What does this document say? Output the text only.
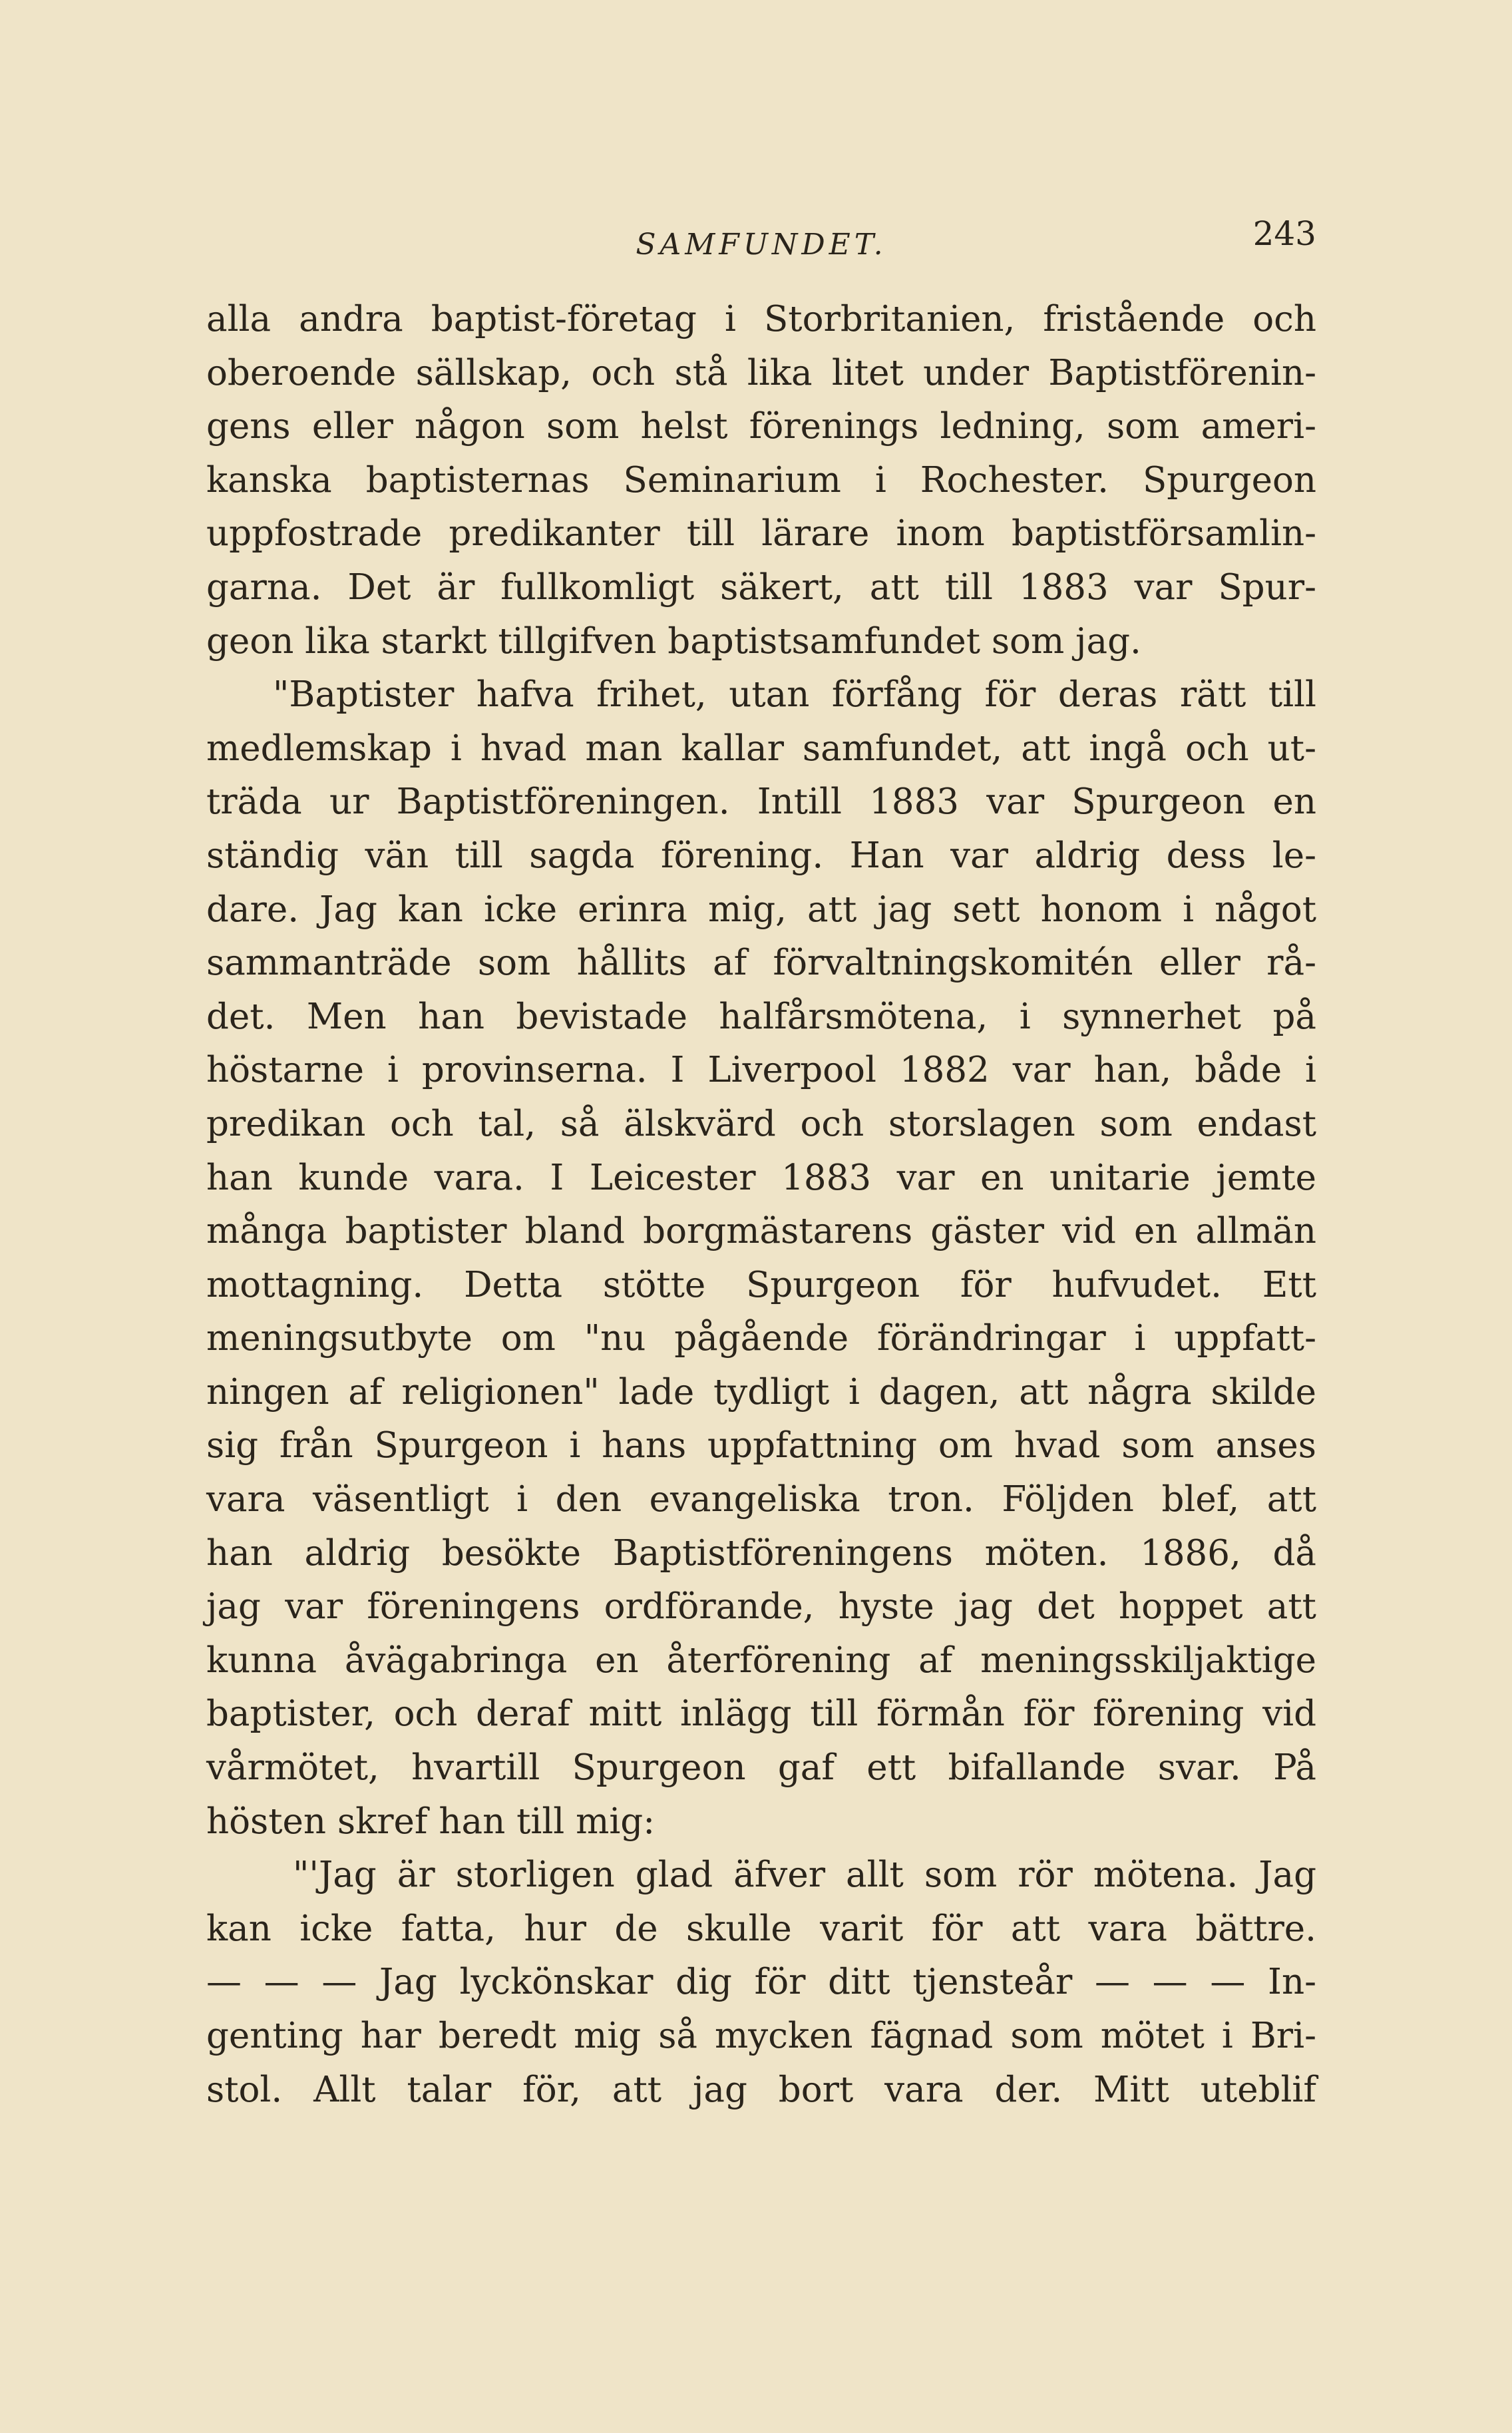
SAMFUNDET.	243
alla andra baptist-företag i Storbritanien, fristående och
oberoende sällskap, och stå lika litet under Baptistförenin-
gens eller någon som helst förenings ledning, som ameri-
kanska baptisternas Seminarium i Rochester. Spurgeon
uppfostrade predikanter till lärare inom baptistförsamlin-
garna. Det är fullkomligt säkert, att till 1883 var Spur-
geon lika starkt tillgifven baptistsamfundet som jag.
"Baptister hafva frihet, utan förfång för deras rätt till
medlemskap i hvad man kallar samfundet, att ingå och ut-
träda ur Baptistföreningen. Intill 1883 var Spurgeon en
ständig vän till sagda förening. Han var aldrig dess le-
dare. Jag kan icke erinra mig, att jag sett honom i något
sammanträde som hållits af förvaltningskomitén eller rå-
det. Men han bevistade halfårsmötena, i synnerhet på
höstarne i provinserna. I Liverpool 1882 var han, både i
predikan och tal, så älskvärd och storslagen som endast
han kunde vara. I Leicester 1883 var en unitarie jemte
många baptister bland borgmästarens gäster vid en allmän
mottagning. Detta stötte Spurgeon för hufvudet. Ett
meningsutbyte om "nu pågående förändringar i uppfatt-
ningen af religionen" lade tydligt i dagen, att några skilde
sig från Spurgeon i hans uppfattning om hvad som anses
vara väsentligt i den evangeliska tron. Följden blef, att
han aldrig besökte Baptistföreningens möten. 1886, då
jag var föreningens ordförande, hyste jag det hoppet att
kunna åvägabringa en återförening af meningsskiljaktige
baptister, och deraf mitt inlägg till förmån för förening vid
vårmötet, hvartill Spurgeon gaf ett bifallande svar. På
hösten skref han till mig:
"'Jag är storligen glad äfver allt som rör mötena. Jag
kan icke fatta, hur de skulle varit för att vara bättre.
— — — Jag lyckönskar dig för ditt tjensteår — — — In-
genting har beredt mig så mycken fägnad som mötet i Bri-
stol. Allt talar för, att jag bort vara der. Mitt uteblif
